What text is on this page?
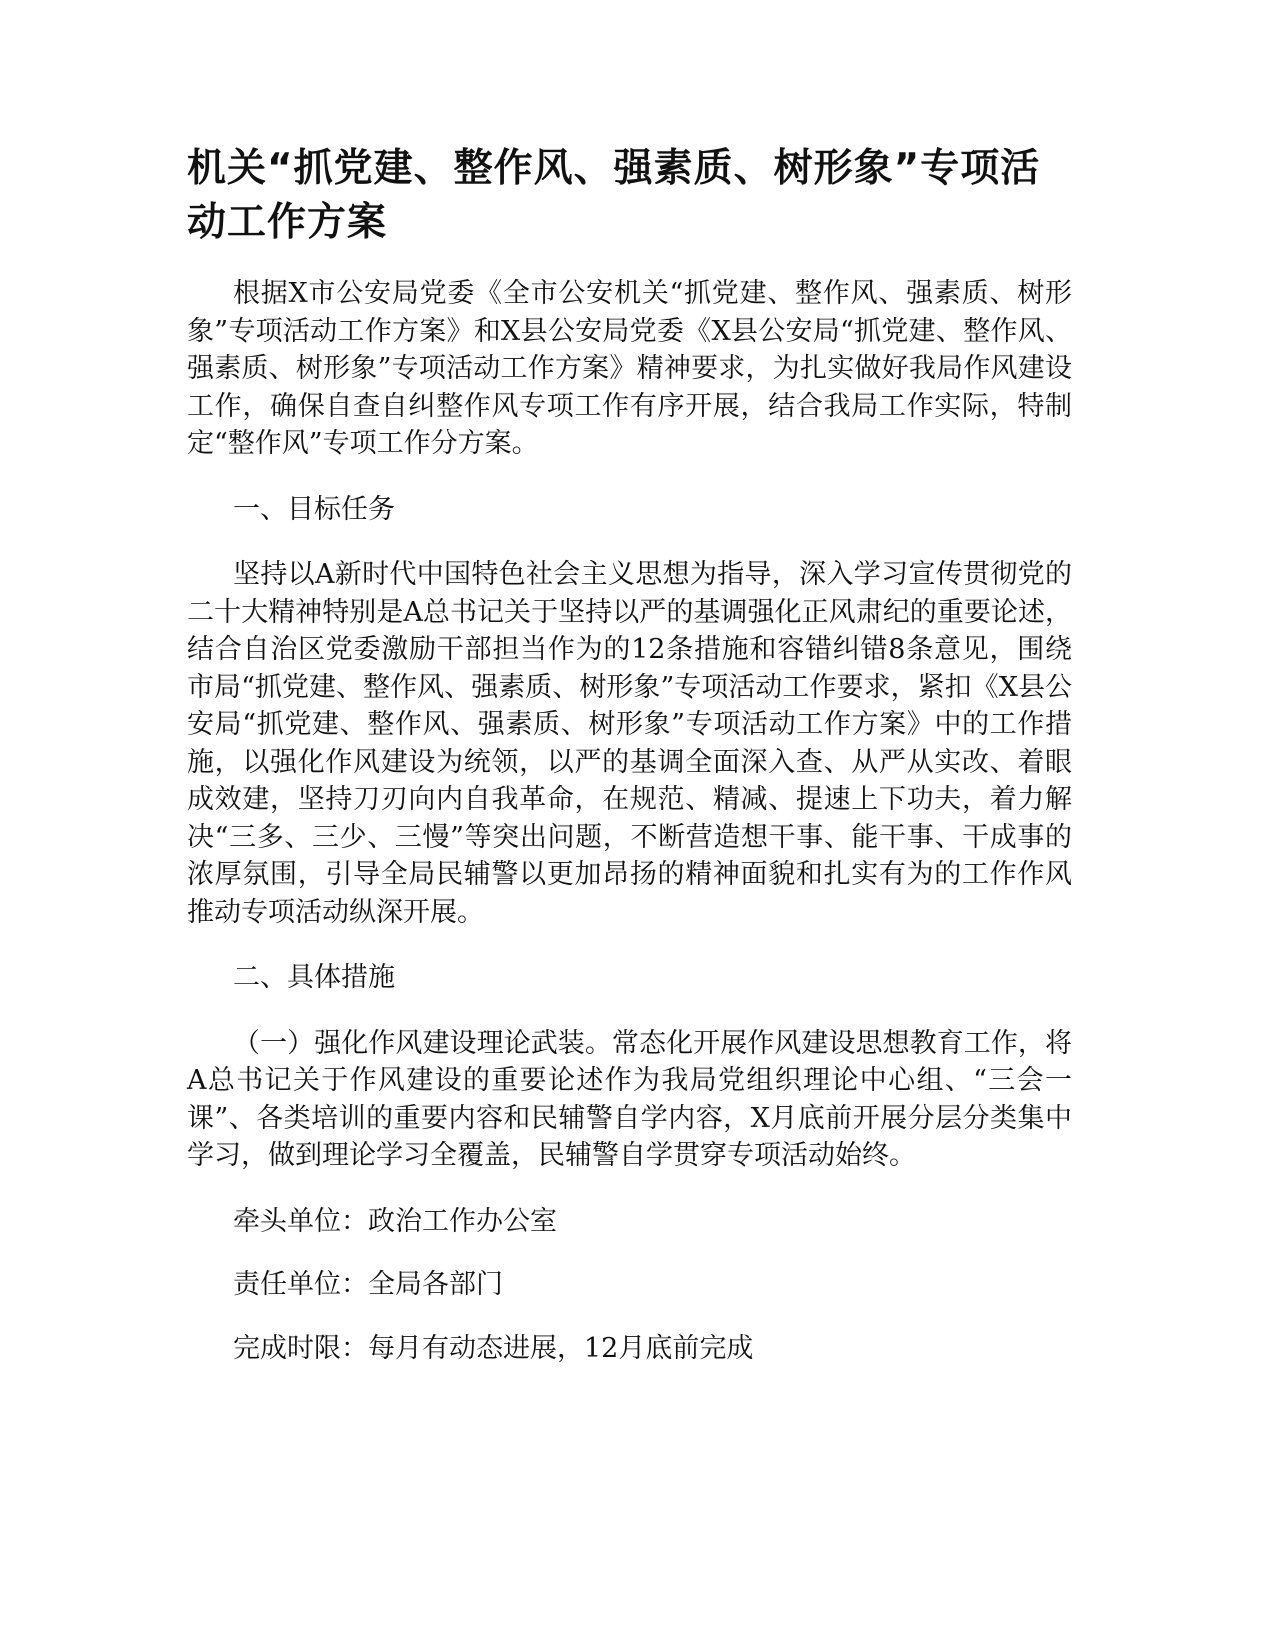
机关“抓党建、整作风、强素质、树形象”专项活动工作方案

根据X市公安局党委《全市公安机关“抓党建、整作风、强素质、树形象”专项活动工作方案》和X县公安局党委《X县公安局“抓党建、整作风、强素质、树形象”专项活动工作方案》精神要求，为扎实做好我局作风建设工作，确保自查自纠整作风专项工作有序开展，结合我局工作实际，特制定“整作风”专项工作分方案。

一、目标任务

坚持以A新时代中国特色社会主义思想为指导，深入学习宣传贯彻党的二十大精神特别是A总书记关于坚持以严的基调强化正风肃纪的重要论述，结合自治区党委激励干部担当作为的12条措施和容错纠错8条意见，围绕市局“抓党建、整作风、强素质、树形象”专项活动工作要求，紧扣《X县公安局“抓党建、整作风、强素质、树形象”专项活动工作方案》中的工作措施，以强化作风建设为统领，以严的基调全面深入查、从严从实改、着眼成效建，坚持刀刃向内自我革命，在规范、精减、提速上下功夫，着力解决“三多、三少、三慢”等突出问题，不断营造想干事、能干事、干成事的浓厚氛围，引导全局民辅警以更加昂扬的精神面貌和扎实有为的工作作风推动专项活动纵深开展。

二、具体措施

（一）强化作风建设理论武装。常态化开展作风建设思想教育工作，将A总书记关于作风建设的重要论述作为我局党组织理论中心组、“三会一课”、各类培训的重要内容和民辅警自学内容，X月底前开展分层分类集中学习，做到理论学习全覆盖，民辅警自学贯穿专项活动始终。

牵头单位：政治工作办公室

责任单位：全局各部门

完成时限：每月有动态进展，12月底前完成
